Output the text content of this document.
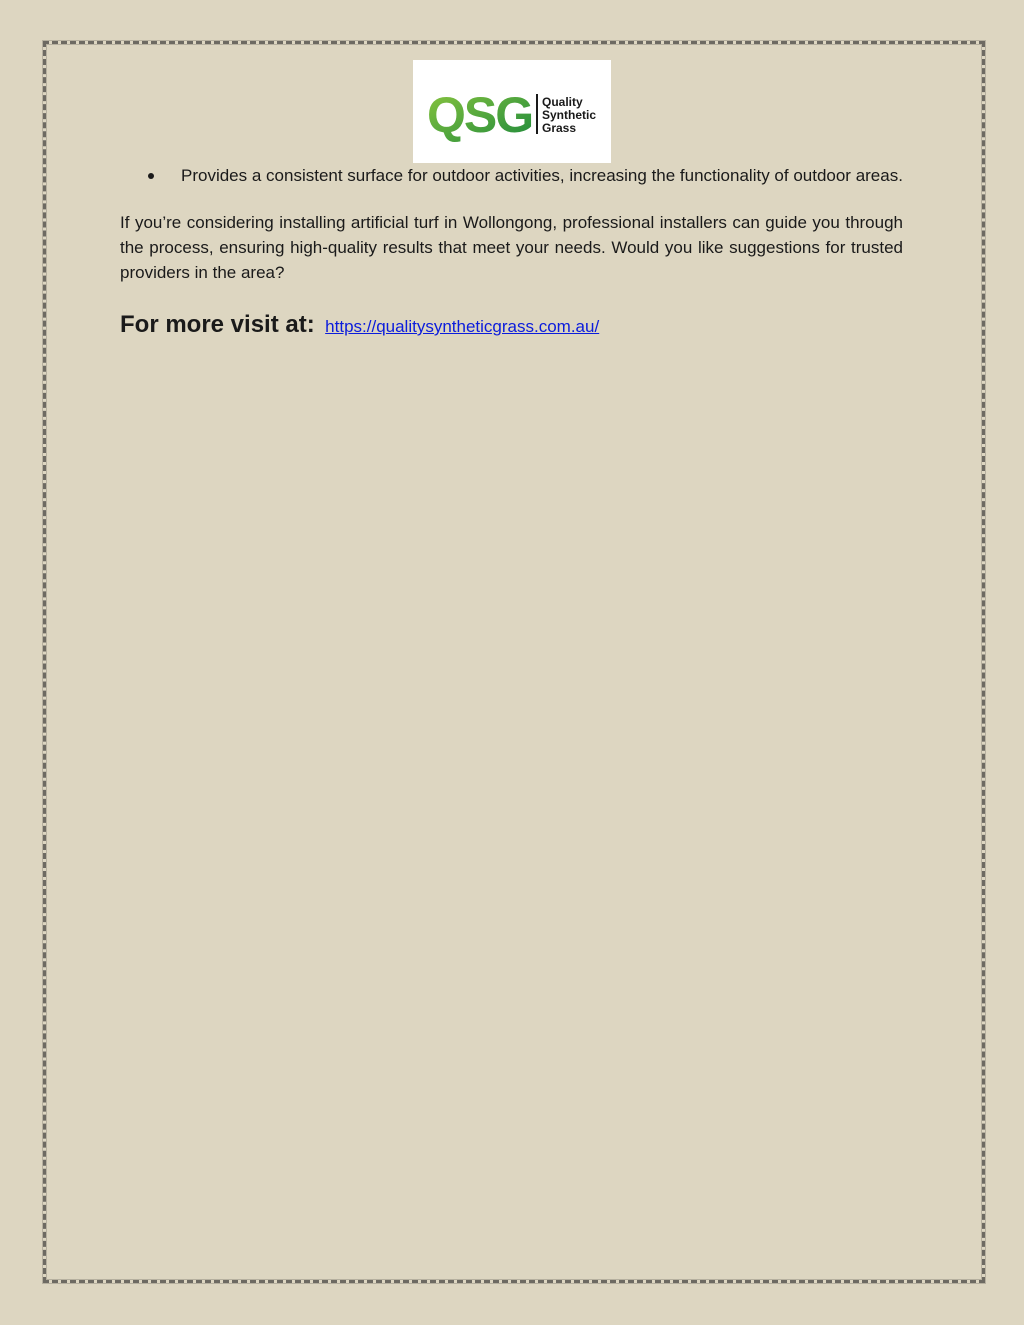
QSG Quality
Synthetic
Grass
Provides a consistent surface for outdoor activities, increasing the functionality of outdoor areas.

If you’re considering installing artificial turf in Wollongong, professional installers can guide you through the process, ensuring high-quality results that meet your needs. Would you like suggestions for trusted providers in the area?

For more visit at: https://qualitysyntheticgrass.com.au/
